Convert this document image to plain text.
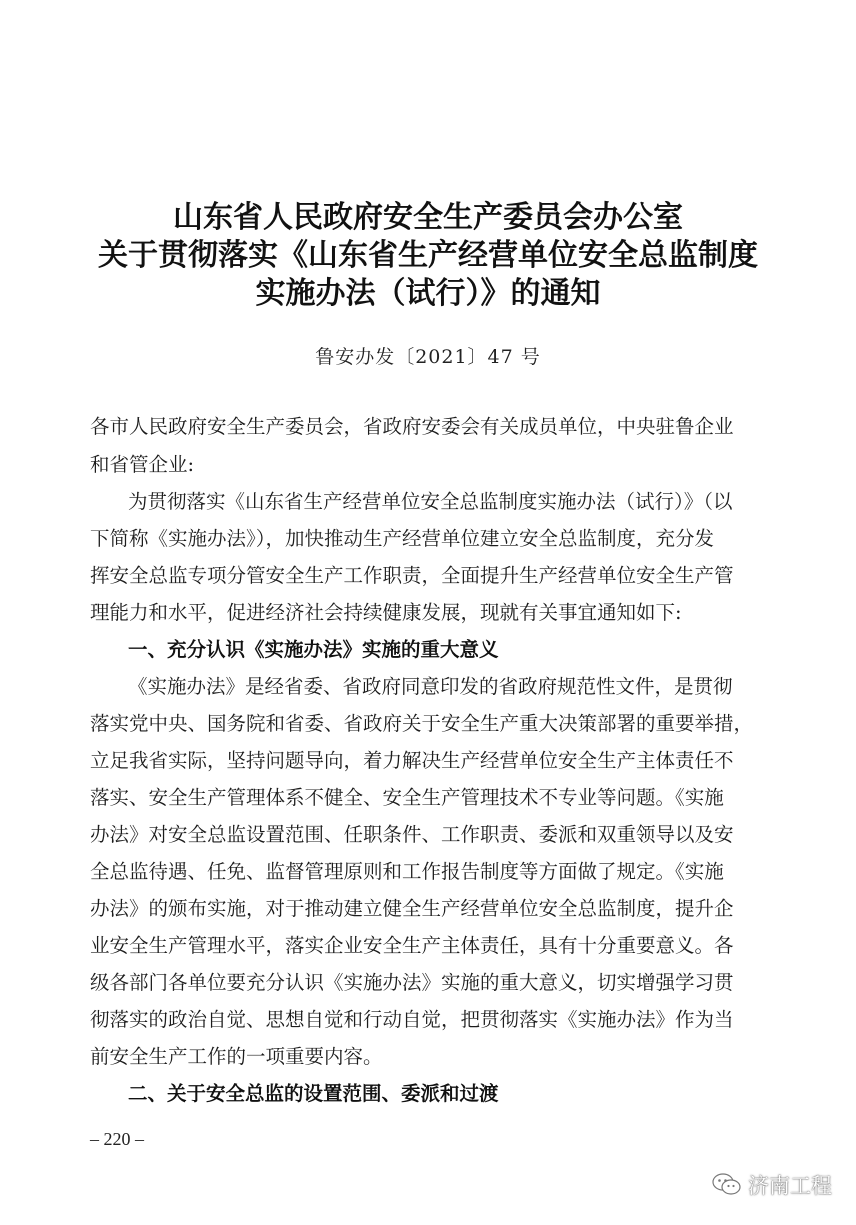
山东省人民政府安全生产委员会办公室
关于贯彻落实《山东省生产经营单位安全总监制度
实施办法（试行）》的通知
鲁安办发〔2021〕47 号
各市人民政府安全生产委员会，省政府安委会有关成员单位，中央驻鲁企业
和省管企业:
为贯彻落实《山东省生产经营单位安全总监制度实施办法（试行）》（以
下简称《实施办法》），加快推动生产经营单位建立安全总监制度，充分发
挥安全总监专项分管安全生产工作职责，全面提升生产经营单位安全生产管
理能力和水平，促进经济社会持续健康发展，现就有关事宜通知如下:
一、充分认识《实施办法》实施的重大意义
《实施办法》是经省委、省政府同意印发的省政府规范性文件，是贯彻
落实党中央、国务院和省委、省政府关于安全生产重大决策部署的重要举措，
立足我省实际，坚持问题导向，着力解决生产经营单位安全生产主体责任不
落实、安全生产管理体系不健全、安全生产管理技术不专业等问题。《实施
办法》对安全总监设置范围、任职条件、工作职责、委派和双重领导以及安
全总监待遇、任免、监督管理原则和工作报告制度等方面做了规定。《实施
办法》的颁布实施，对于推动建立健全生产经营单位安全总监制度，提升企
业安全生产管理水平，落实企业安全生产主体责任，具有十分重要意义。各
级各部门各单位要充分认识《实施办法》实施的重大意义，切实增强学习贯
彻落实的政治自觉、思想自觉和行动自觉，把贯彻落实《实施办法》作为当
前安全生产工作的一项重要内容。
二、关于安全总监的设置范围、委派和过渡
– 220 –
济南工程
